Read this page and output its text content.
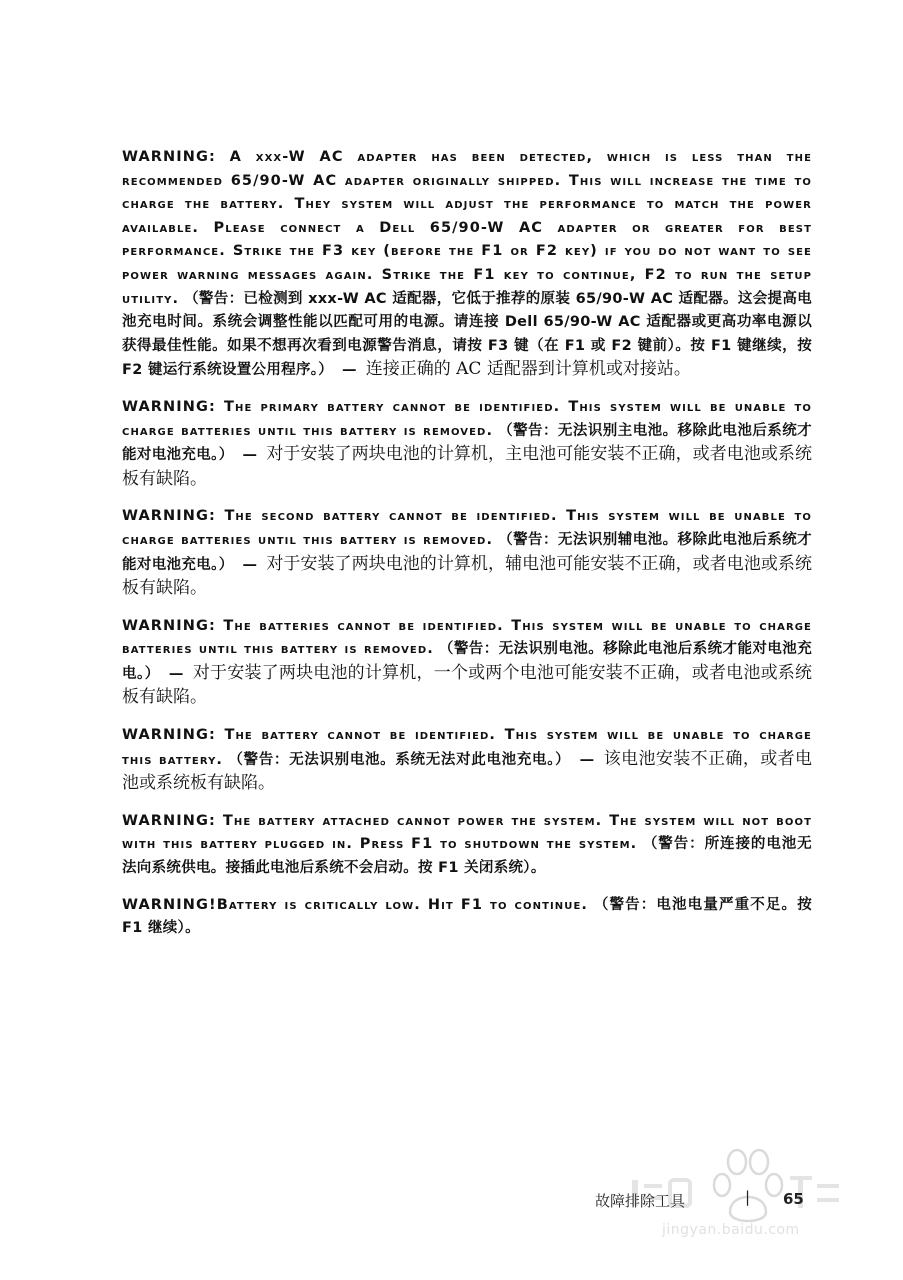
WARNING: A xxx-W AC adapter has been detected, which is less than the recommended 65/90-W AC adapter originally shipped. This will increase the time to charge the battery. They system will adjust the performance to match the power available. Please connect a Dell 65/90-W AC adapter or greater for best performance. Strike the F3 key (before the F1 or F2 key) if you do not want to see power warning messages again. Strike the F1 key to continue, F2 to run the setup utility. （警告：已检测到 xxx-W AC 适配器，它低于推荐的原装 65/90-W AC 适配器。这会提高电池充电时间。系统会调整性能以匹配可用的电源。请连接 Dell 65/90-W AC 适配器或更高功率电源以获得最佳性能。如果不想再次看到电源警告消息，请按 F3 键（在 F1 或 F2 键前）。按 F1 键继续，按 F2 键运行系统设置公用程序。） — 连接正确的 AC 适配器到计算机或对接站。

WARNING: The primary battery cannot be identified. This system will be unable to charge batteries until this battery is removed. （警告：无法识别主电池。移除此电池后系统才能对电池充电。） — 对于安装了两块电池的计算机，主电池可能安装不正确，或者电池或系统板有缺陷。

WARNING: The second battery cannot be identified. This system will be unable to charge batteries until this battery is removed. （警告：无法识别辅电池。移除此电池后系统才能对电池充电。） — 对于安装了两块电池的计算机，辅电池可能安装不正确，或者电池或系统板有缺陷。

WARNING: The batteries cannot be identified. This system will be unable to charge batteries until this battery is removed. （警告：无法识别电池。移除此电池后系统才能对电池充电。） — 对于安装了两块电池的计算机，一个或两个电池可能安装不正确，或者电池或系统板有缺陷。

WARNING: The battery cannot be identified. This system will be unable to charge this battery. （警告：无法识别电池。系统无法对此电池充电。） — 该电池安装不正确，或者电池或系统板有缺陷。

WARNING: The battery attached cannot power the system. The system will not boot with this battery plugged in. Press F1 to shutdown the system. （警告：所连接的电池无法向系统供电。接插此电池后系统不会启动。按 F1 关闭系统）。

WARNING!Battery is critically low. Hit F1 to continue. （警告：电池电量严重不足。按 F1 继续）。

jingyan.baidu.com
故障排除工具	| 65
